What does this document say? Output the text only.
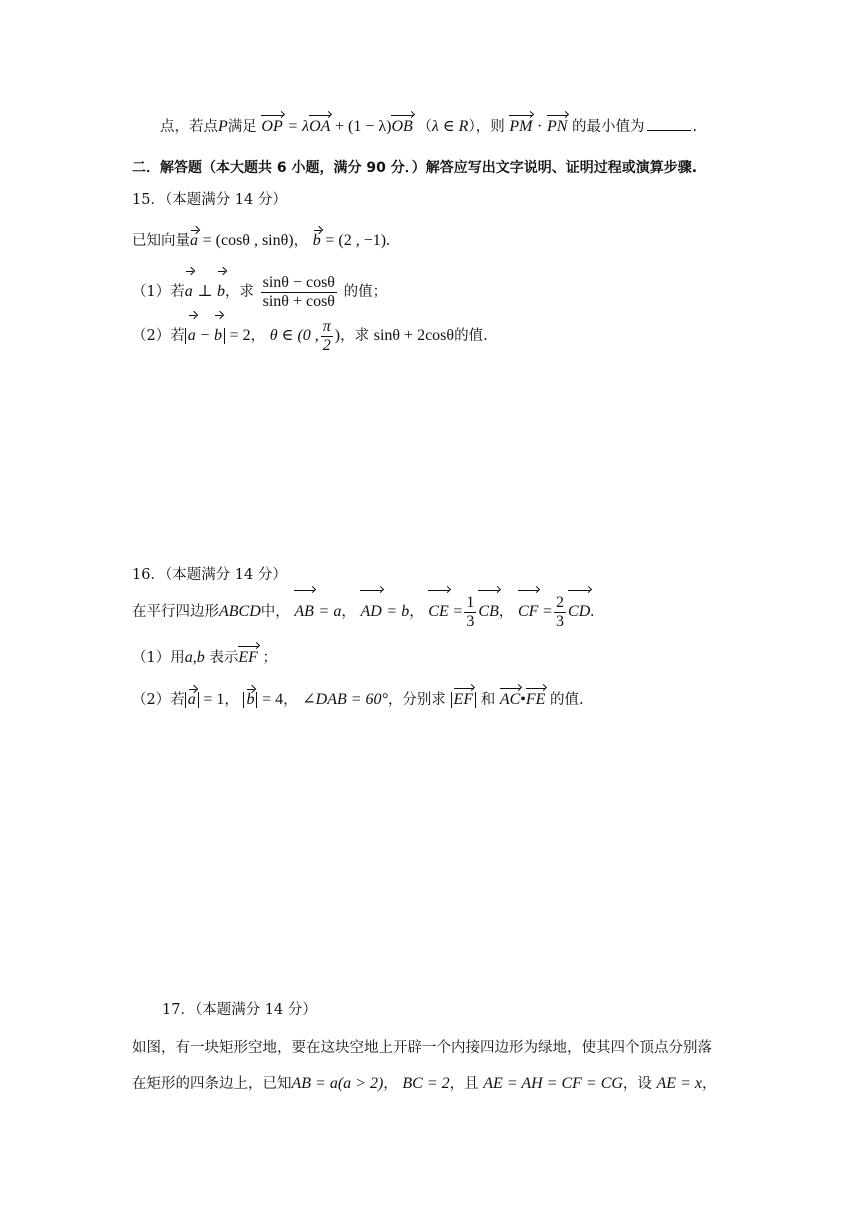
点，若点P满足 OP = λOA + (1 − λ)OB （λ ∈ R），则 PM · PN 的最小值为	.
二．解答题（本大题共 6 小题，满分 90 分．）解答应写出文字说明、证明过程或演算步骤.
15．（本题满分 14 分）
已知向量a = (cosθ , sinθ)， b = (2 , −1).
（1）若a ⊥ b，求 $\frac{\sin\theta - \cos\theta}{\sin\theta + \cos\theta}$ 的值；
（2）若 a − b = 2， θ ∈ (0 , $\frac{\pi}{2}$ )，求 sinθ + 2cosθ的值.
16．（本题满分 14 分）
在平行四边形ABCD中， AB = a， AD = b， CE = $\frac{1}{3}$ CB， CF = $\frac{2}{3}$ CD.
（1）用a,b 表示EF ；
（2）若 a = 1， b = 4， ∠DAB = 60°，分别求 EF 和 AC•FE 的值.
17．（本题满分 14 分）
如图，有一块矩形空地，要在这块空地上开辟一个内接四边形为绿地，使其四个顶点分别落
在矩形的四条边上，已知AB = a(a > 2)， BC = 2，且 AE = AH = CF = CG，设 AE = x，
